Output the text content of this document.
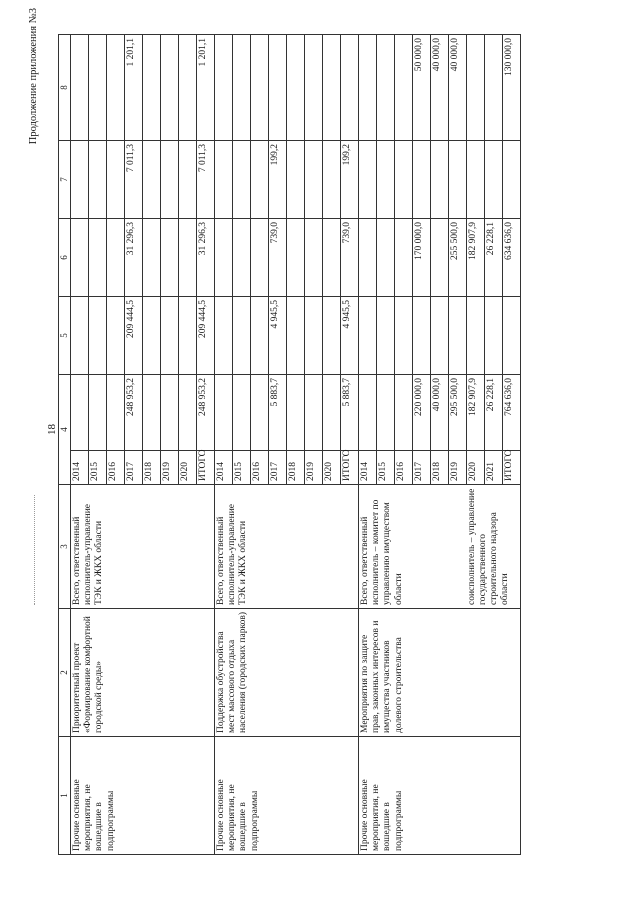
Продолжение приложения №3
18
1	2	3	4		5	6	7	8
Прочие основные мероприятия, не вошедшие в подпрограммы	Приоритетный проект «Формирование комфортной городской среды»	Всего, ответственный исполнитель-управление ТЭК и ЖКХ области	2014					
			2015					
			2016					
			2017	248 953,2	209 444,5	31 296,3	7 011,3	1 201,1
			2018					
			2019					
			2020					
			ИТОГО	248 953,2	209 444,5	31 296,3	7 011,3	1 201,1
Прочие основные мероприятия, не вошедшие в подпрограммы	Поддержка обустройства мест массового отдыха населения (городских парков)	Всего, ответственный исполнитель-управление ТЭК и ЖКХ области	2014					
			2015					
			2016					
			2017	5 883,7	4 945,5	739,0	199,2	
			2018					
			2019					
			2020					
			ИТОГО	5 883,7	4 945,5	739,0	199,2	
Прочие основные мероприятия, не вошедшие в подпрограммы	Мероприятия по защите прав, законных интересов и имущества участников долевого строительства	Всего, ответственный исполнитель – комитет по управлению имуществом области соисполнитель – управление государственного строительного надзора области	2014					
			2015					
			2016					
			2017	220 000,0		170 000,0		50 000,0
			2018	40 000,0				40 000,0
			2019	295 500,0		255 500,0		40 000,0
			2020	182 907,9		182 907,9		
			2021	26 228,1		26 228,1		
			ИТОГО	764 636,0		634 636,0		130 000,0
